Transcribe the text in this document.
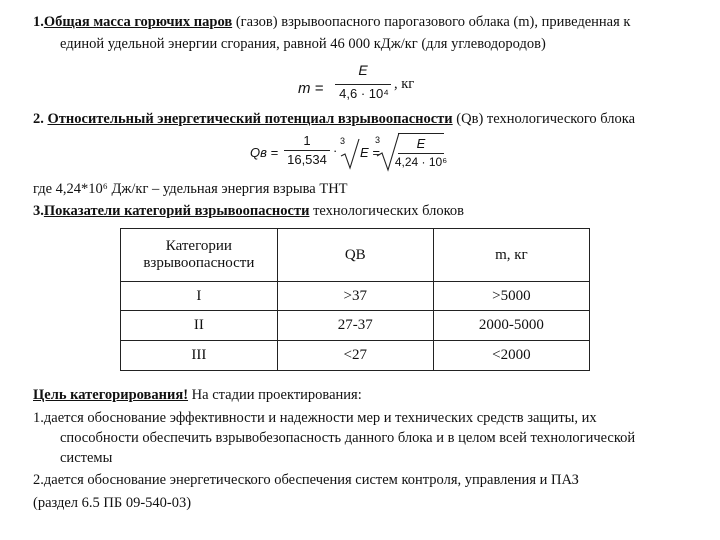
1.Общая масса горючих паров (газов) взрывоопасного парогазового облака (m), приведенная к
единой удельной энергии сгорания, равной 46 000 кДж/кг (для углеводородов)
m =
E
4,6 · 10⁴
, кг
2. Относительный энергетический потенциал взрывоопасности (Qв) технологического блока
Qв =
1
16,534
·
3
E =
3	E
4,24 · 10⁶
где 4,24*10⁶ Дж/кг – удельная энергия взрыва ТНТ
3.Показатели категорий взрывоопасности технологических блоков
Категории взрывоопасности	QB	m, кг
I	>37	>5000
II	27-37	2000-5000
III	<27	<2000
Цель категорирования! На стадии проектирования:
1.дается обоснование эффективности и надежности мер и технических средств защиты, их
способности обеспечить взрывобезопасность данного блока и в целом всей технологической
системы
2.дается обоснование энергетического обеспечения систем контроля, управления и ПАЗ
(раздел 6.5 ПБ 09-540-03)
